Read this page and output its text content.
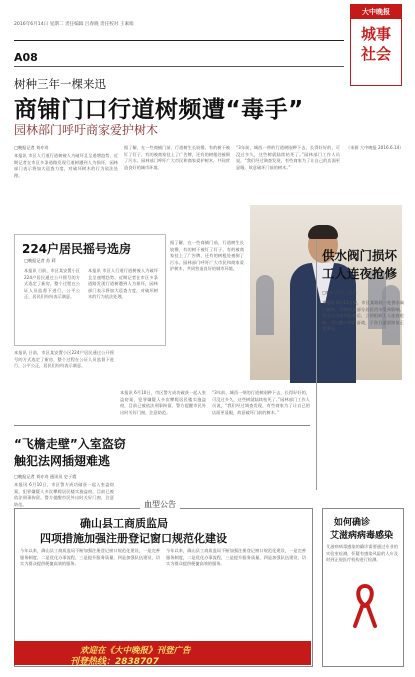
2016年6月14日 星期二 责任编辑 吕春晓 责任校对 王素娟
A08
大中晚报
城事
社会
树种三年一棵来迅
商铺门口行道树频遭“毒手”
园林部门呼吁商家爱护树木
□晚报记者 刘亦奇
本报讯 市区人行道行道树被人为破坏且呈递增趋势，近期记者在市区多条道路发现行道树遭到人为损坏，园林部门表示将加大巡查力度，对破坏树木的行为依法处理。
据了解，在一些商铺门前，行道树生长较慢，有的树干被钉了钉子，有的被商家挂上了广告牌，还有的树根处被倒了污水。园林部门呼吁广大市民和商家爱护树木，共同营造良好的城市环境。
“3年前，城西一带的行道树刚种下去，长得好好的，可没过多久，这些树就陆续枯死了。”园林部门工作人员说，“我们经过调查发现，有些商家为了让自己的店面更显眼，故意破坏门前的树木。”
（来源 大中晚报 2016.6.14）
224户居民摇号选房
□晚报记者 苏 莉
本报讯 日前，市区某安置小区224户居民通过公开摇号的方式选定了新房，整个过程在公证人员监督下进行，公平公正，居民们纷纷表示满意。
本报讯 市区人行道行道树被人为破坏且呈递增趋势，近期记者在市区多条道路发现行道树遭到人为损坏，园林部门表示将加大巡查力度，对破坏树木的行为依法处理。
据了解，在一些商铺门前，行道树生长较慢，有的树干被钉了钉子，有的被商家挂上了广告牌，还有的树根处被倒了污水。园林部门呼吁广大市民和商家爱护树木，共同营造良好的城市环境。
供水阀门损坏
工人连夜抢修
□晚报记者 王森森
本报讯 6月12日晚，市区某路段一处供水阀门损坏，导致周边部分居民用水受到影响。供水公司接到报修后，立即组织工人连夜抢修，经过数小时的奋战，于次日凌晨恢复正常供水。
“飞檐走壁”入室盗窃
触犯法网插翅难逃
□晚报记者 刘亦奇 通讯员 史子霞
本报讯 6月10日，市区警方成功破获一起入室盗窃案，犯罪嫌疑人多次攀爬居民楼实施盗窃，目前已被依法刑事拘留。警方提醒市民外出时关好门窗，注意防范。
本报讯 6月10日，市区警方成功破获一起入室盗窃案，犯罪嫌疑人多次攀爬居民楼实施盗窃，目前已被依法刑事拘留。警方提醒市民外出时关好门窗，注意防范。
“3年前，城西一带的行道树刚种下去，长得好好的，可没过多久，这些树就陆续枯死了。”园林部门工作人员说，“我们经过调查发现，有些商家为了让自己的店面更显眼，故意破坏门前的树木。”
本报讯 日前，市区某安置小区224户居民通过公开摇号的方式选定了新房，整个过程在公证人员监督下进行，公平公正，居民们纷纷表示满意。
血型公告
确山县工商质监局
四项措施加强注册登记窗口规范化建设
今年以来，确山县工商质监局不断加强注册登记窗口规范化建设，一是完善服务制度，二是优化办事流程，三是提升服务质量，四是加强队伍建设，切实为群众提供便捷高效的服务。
今年以来，确山县工商质监局不断加强注册登记窗口规范化建设，一是完善服务制度，二是优化办事流程，三是提升服务质量，四是加强队伍建设，切实为群众提供便捷高效的服务。
欢迎在《大中晚报》刊登广告
刊登热线：2838707
如何确诊
艾滋病病毒感染
艾滋病病毒感染的确诊需要通过专业的实验室检测，怀疑有感染风险的人应及时到正规医疗机构进行检测。
